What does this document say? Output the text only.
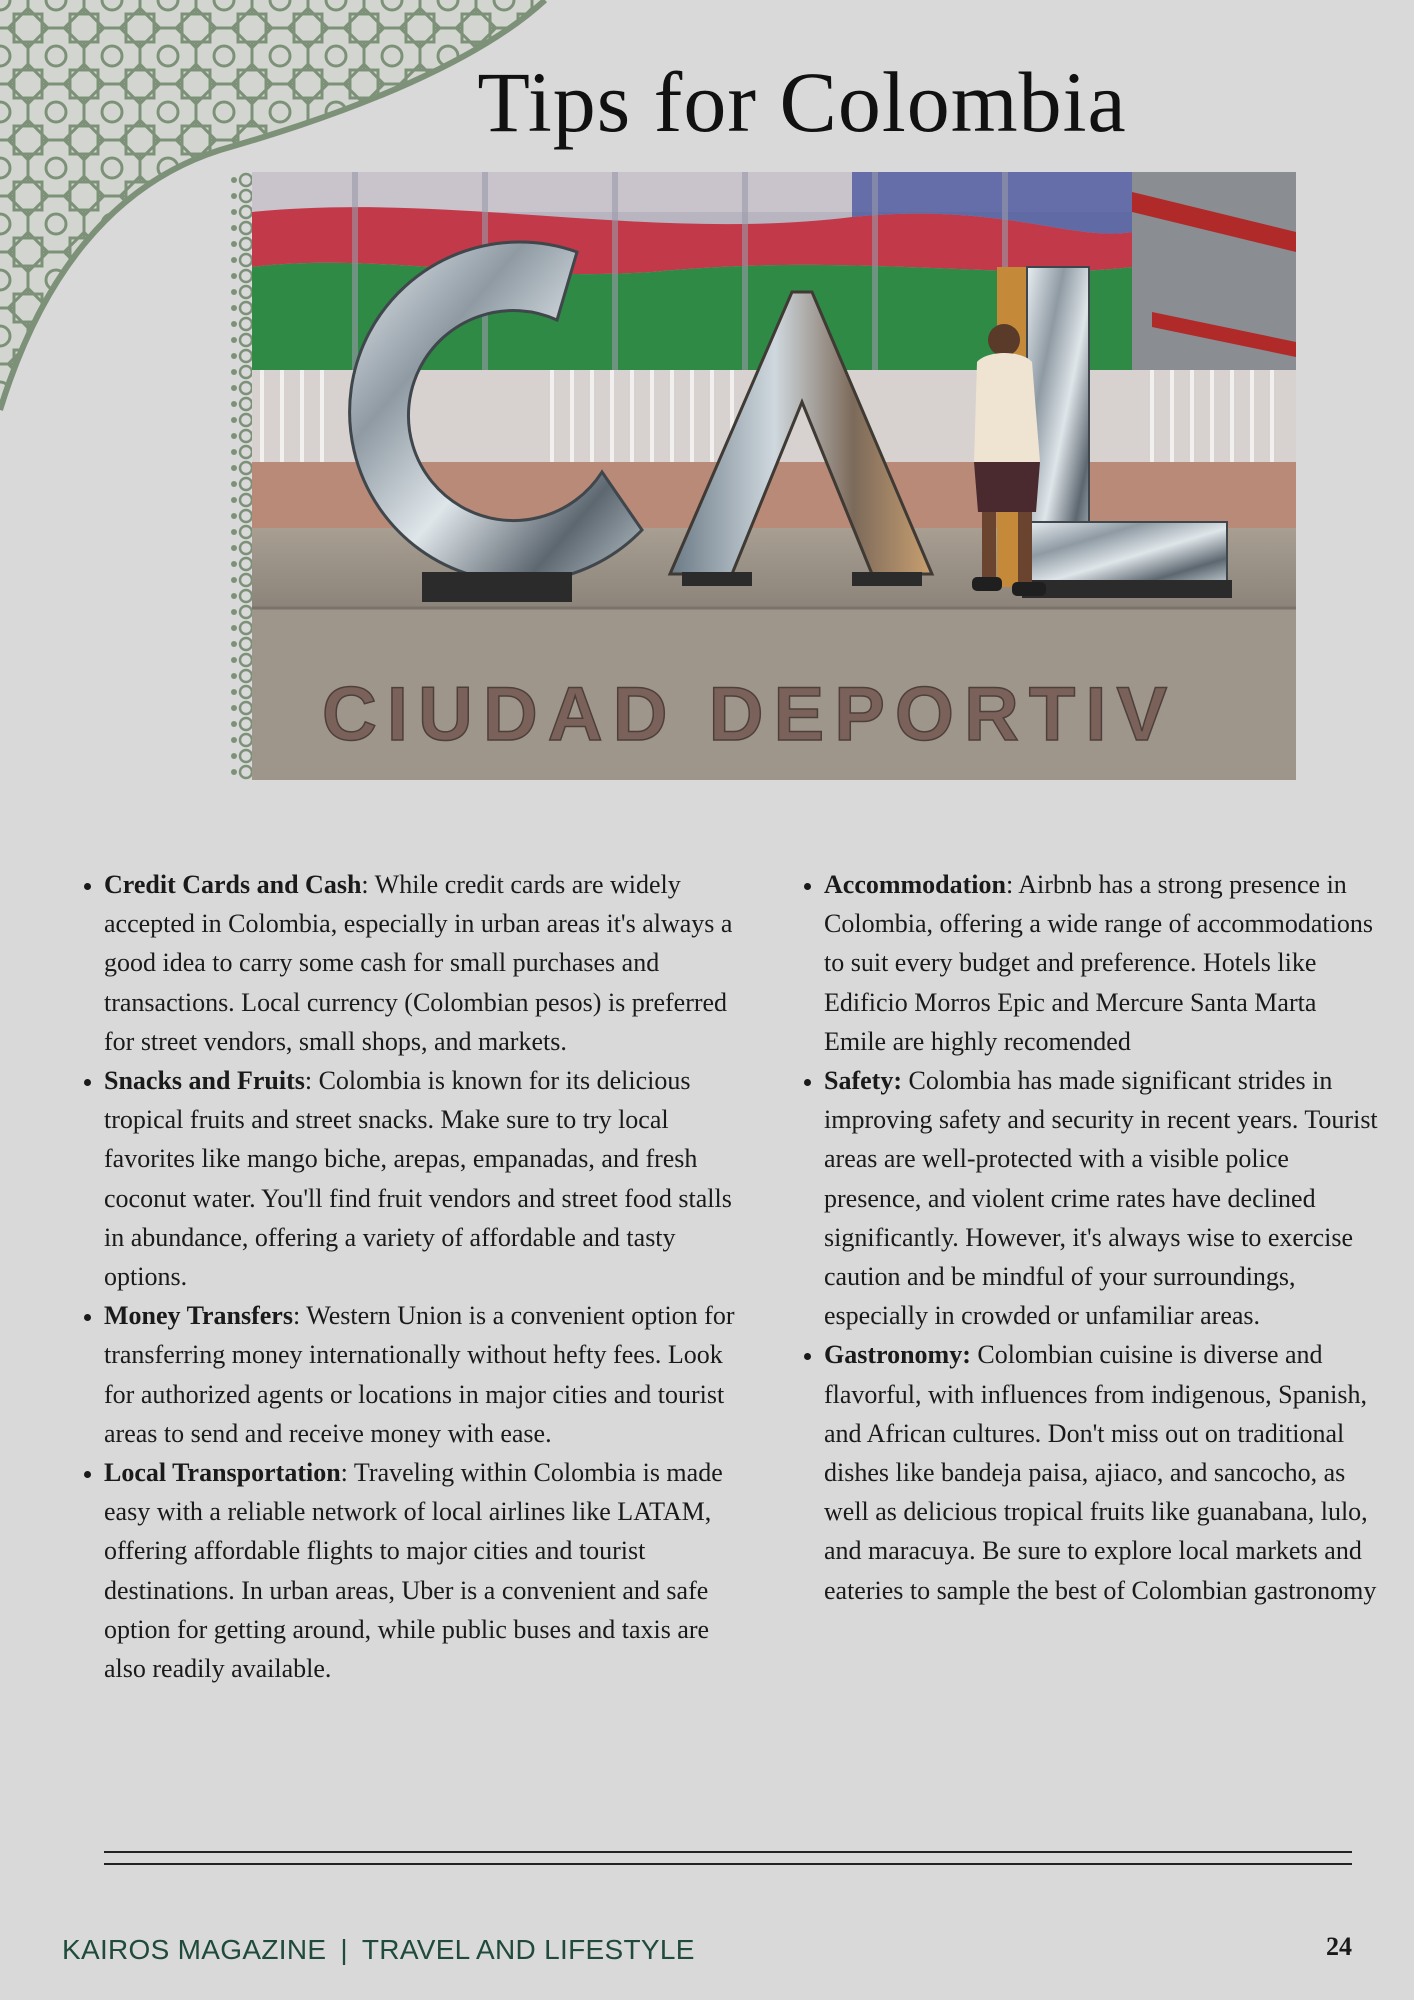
Tips for Colombia
CIUDAD DEPORTIV
• Credit Cards and Cash: While credit cards are widely accepted in Colombia, especially in urban areas it's always a good idea to carry some cash for small purchases and transactions. Local currency (Colombian pesos) is preferred for street vendors, small shops, and markets.
• Snacks and Fruits: Colombia is known for its delicious tropical fruits and street snacks. Make sure to try local favorites like mango biche, arepas, empanadas, and fresh coconut water. You'll find fruit vendors and street food stalls in abundance, offering a variety of affordable and tasty options.
• Money Transfers: Western Union is a convenient option for transferring money internationally without hefty fees. Look for authorized agents or locations in major cities and tourist areas to send and receive money with ease.
• Local Transportation: Traveling within Colombia is made easy with a reliable network of local airlines like LATAM, offering affordable flights to major cities and tourist destinations. In urban areas, Uber is a convenient and safe option for getting around, while public buses and taxis are also readily available.
• Accommodation: Airbnb has a strong presence in Colombia, offering a wide range of accommodations to suit every budget and preference. Hotels like Edificio Morros Epic and Mercure Santa Marta Emile are highly recomended
• Safety: Colombia has made significant strides in improving safety and security in recent years. Tourist areas are well-protected with a visible police presence, and violent crime rates have declined significantly. However, it's always wise to exercise caution and be mindful of your surroundings, especially in crowded or unfamiliar areas.
• Gastronomy: Colombian cuisine is diverse and flavorful, with influences from indigenous, Spanish, and African cultures. Don't miss out on traditional dishes like bandeja paisa, ajiaco, and sancocho, as well as delicious tropical fruits like guanabana, lulo, and maracuya. Be sure to explore local markets and eateries to sample the best of Colombian gastronomy
KAIROS MAGAZINE | TRAVEL AND LIFESTYLE	24
